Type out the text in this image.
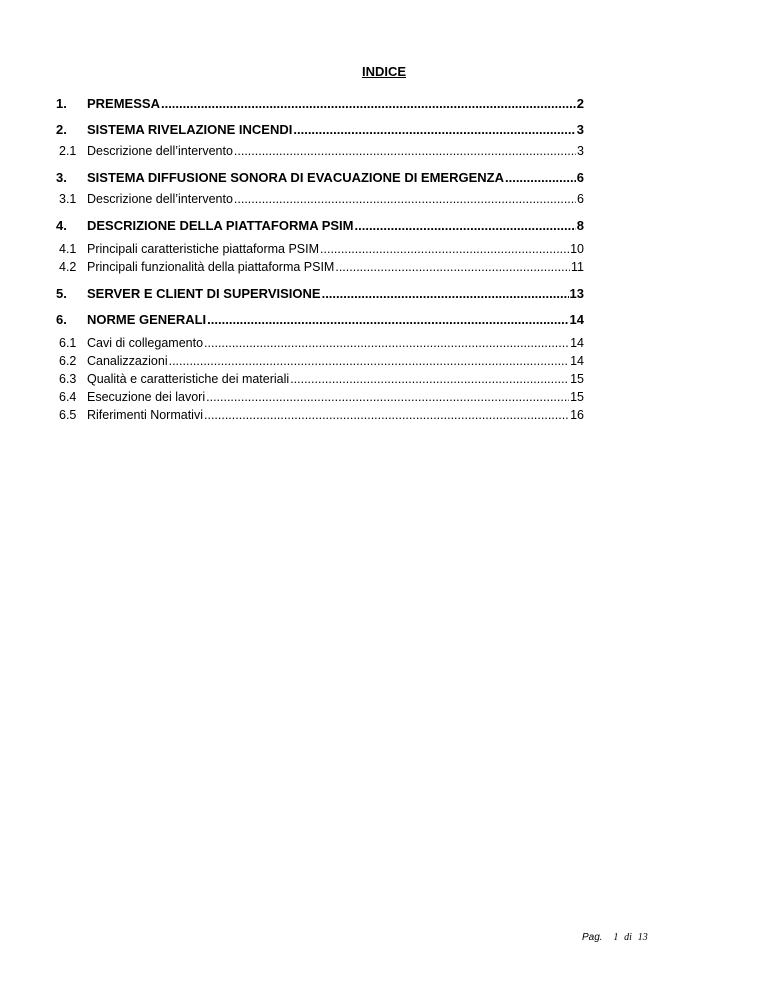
INDICE
1.	PREMESSA .....	2
2.	SISTEMA RIVELAZIONE INCENDI .....	3
2.1 Descrizione dell’intervento .....	3
3.	SISTEMA DIFFUSIONE SONORA DI EVACUAZIONE DI EMERGENZA .....	6
3.1 Descrizione dell’intervento .....	6
4.	DESCRIZIONE DELLA PIATTAFORMA PSIM .....	8
4.1 Principali caratteristiche piattaforma PSIM .....	10
4.2 Principali funzionalità della piattaforma PSIM .....	11
5.	SERVER E CLIENT DI SUPERVISIONE .....	13
6.	NORME GENERALI .....	14
6.1 Cavi di collegamento .....	14
6.2 Canalizzazioni .....	14
6.3 Qualità e caratteristiche dei materiali .....	15
6.4 Esecuzione dei lavori .....	15
6.5 Riferimenti Normativi .....	16
Pag. 1 di 13
